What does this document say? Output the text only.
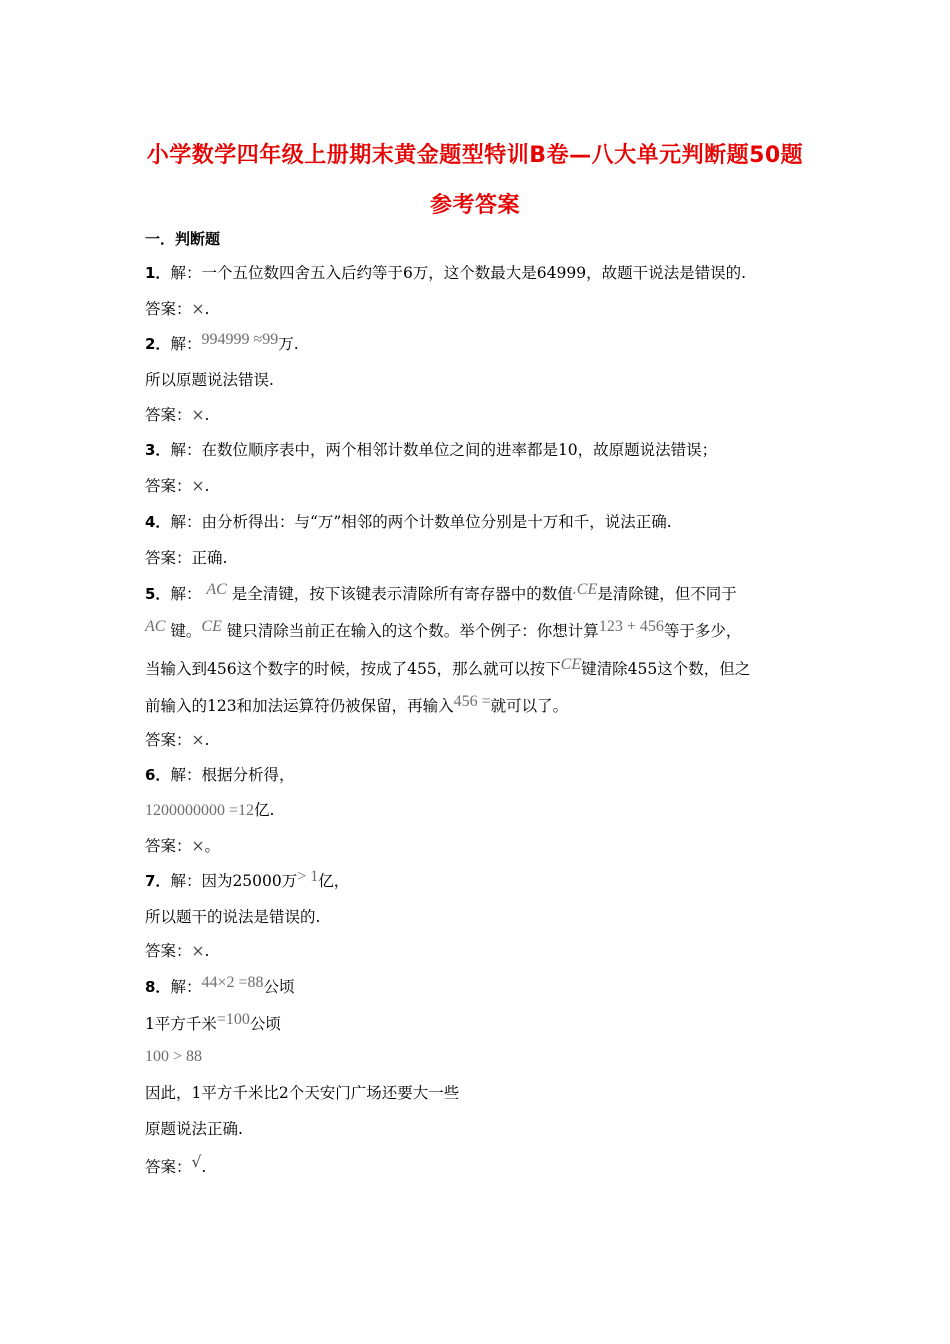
小学数学四年级上册期末黄金题型特训B卷—八大单元判断题50题
参考答案
一．判断题
1．解：一个五位数四舍五入后约等于6万，这个数最大是64999，故题干说法是错误的.
答案：×.
2．解：994999 ≈99万.
所以原题说法错误.
答案：×.
3．解：在数位顺序表中，两个相邻计数单位之间的进率都是10，故原题说法错误；
答案：×.
4．解：由分析得出：与“万”相邻的两个计数单位分别是十万和千，说法正确.
答案：正确.
5．解： AC 是全清键，按下该键表示清除所有寄存器中的数值.CE是清除键，但不同于
AC 键。CE 键只清除当前正在输入的这个数。举个例子：你想计算123 + 456等于多少，
当输入到456这个数字的时候，按成了455，那么就可以按下CE键清除455这个数，但之
前输入的123和加法运算符仍被保留，再输入456 =就可以了。
答案：×.
6．解：根据分析得，
1200000000 =12亿.
答案：×。
7．解：因为25000万> 1亿，
所以题干的说法是错误的.
答案：×.
8．解：44×2 =88公顷
1平方千米=100公顷
100 > 88
因此，1平方千米比2个天安门广场还要大一些
原题说法正确.
答案：√.
